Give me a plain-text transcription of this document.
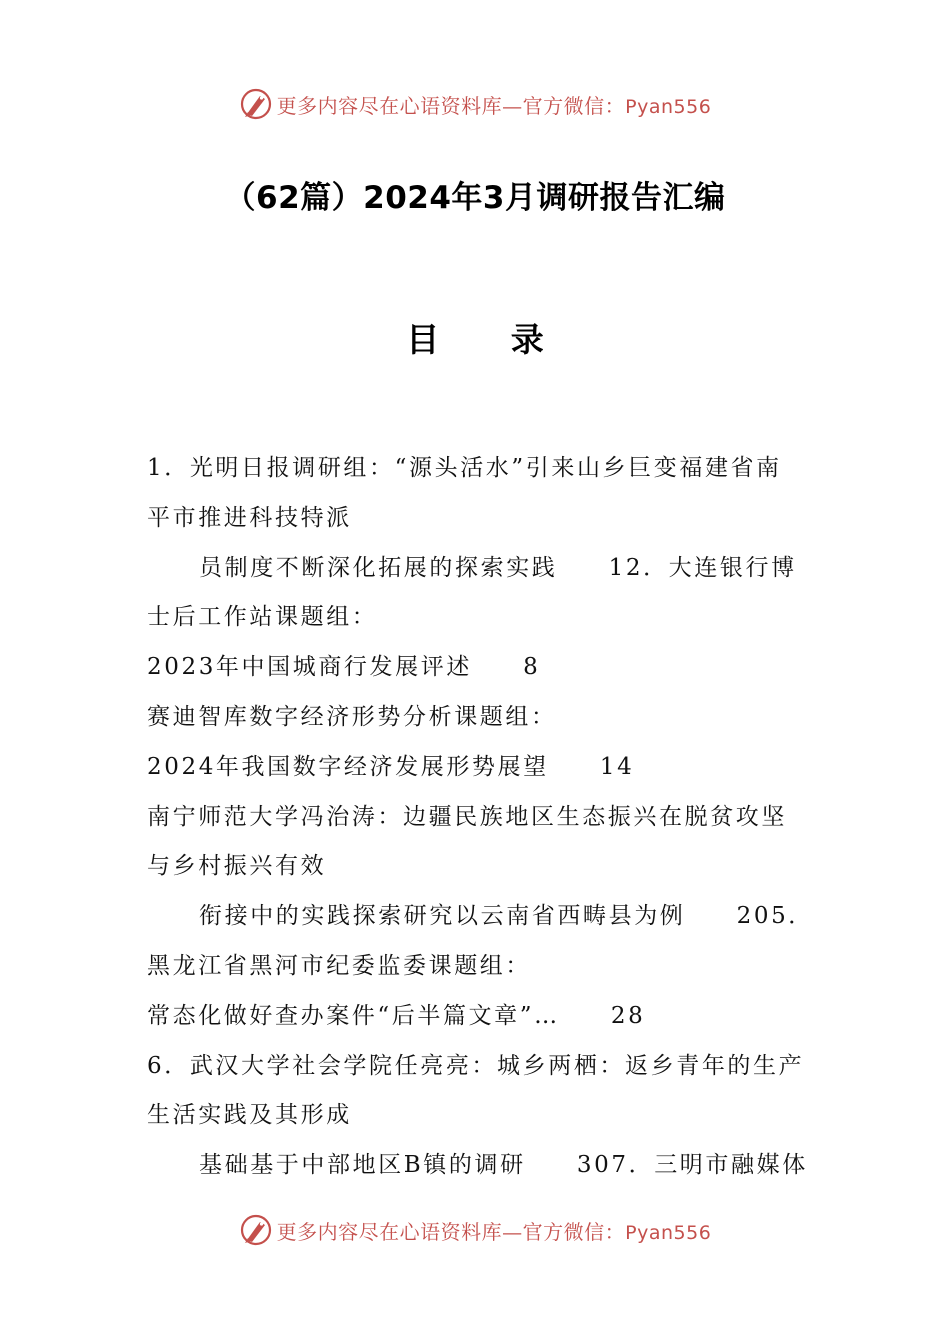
更多内容尽在心语资料库—官方微信：Pyan556
（62篇）2024年3月调研报告汇编
目 录
1．光明日报调研组：“源头活水”引来山乡巨变福建省南
平市推进科技特派
员制度不断深化拓展的探索实践　　12．大连银行博
士后工作站课题组：
2023年中国城商行发展评述　　8
赛迪智库数字经济形势分析课题组：
2024年我国数字经济发展形势展望　　14
南宁师范大学冯治涛：边疆民族地区生态振兴在脱贫攻坚
与乡村振兴有效
衔接中的实践探索研究以云南省西畴县为例　　205．
黑龙江省黑河市纪委监委课题组：
常态化做好查办案件“后半篇文章”…　　28
6．武汉大学社会学院任亮亮：城乡两栖：返乡青年的生产
生活实践及其形成
基础基于中部地区B镇的调研　　307．三明市融媒体
更多内容尽在心语资料库—官方微信：Pyan556
